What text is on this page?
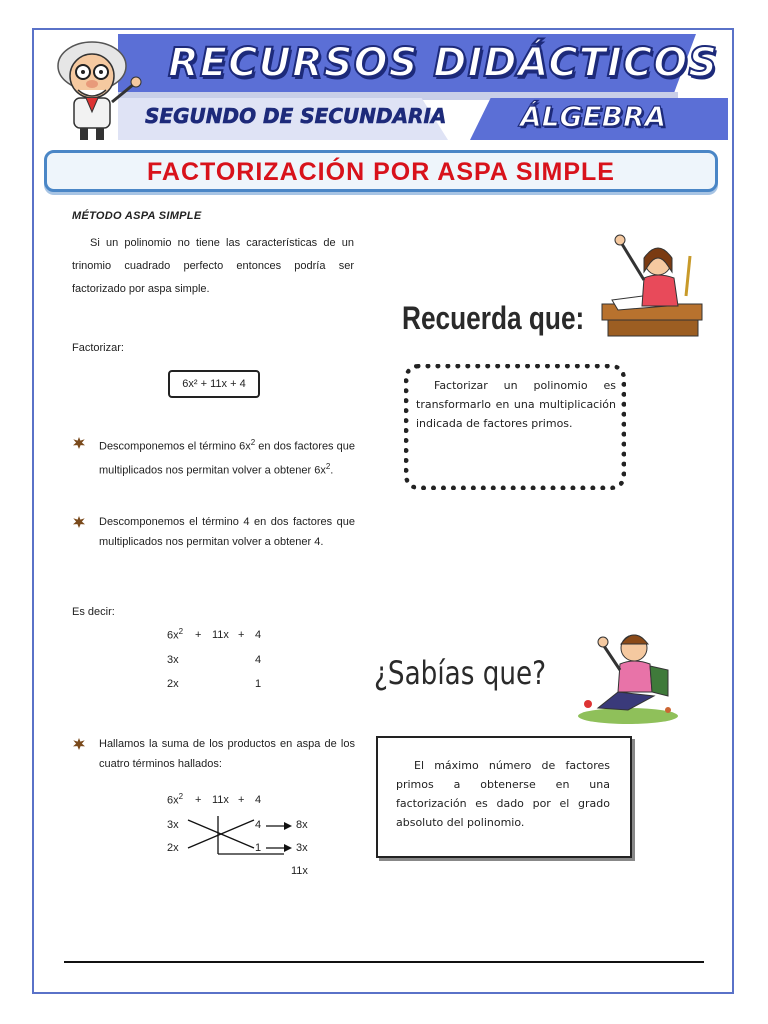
RECURSOS DIDÁCTICOS
SEGUNDO DE SECUNDARIA	ÁLGEBRA
FACTORIZACIÓN POR ASPA SIMPLE
MÉTODO ASPA SIMPLE
Si un polinomio no tiene las características de un trinomio cuadrado perfecto entonces podría ser factorizado por aspa simple.
Factorizar:
6x² + 11x + 4
Descomponemos el término $6x^2$ en dos factores que multiplicados nos permitan volver a obtener $6x^2$.
Descomponemos el término 4 en dos factores que multiplicados nos permitan volver a obtener 4.
Es decir:
$6x^2 + 11x + 4$
3x	4
2x	1
Hallamos la suma de los productos en aspa de los cuatro términos hallados:
$6x^2 + 11x + 4$
3x	4	8x
2x	1	3x
11x
Recuerda que:
Factorizar un polinomio es transformarlo en una multiplicación indicada de factores primos.
¿Sabías que?
El máximo número de factores primos a obtenerse en una factorización es dado por el grado absoluto del polinomio.
